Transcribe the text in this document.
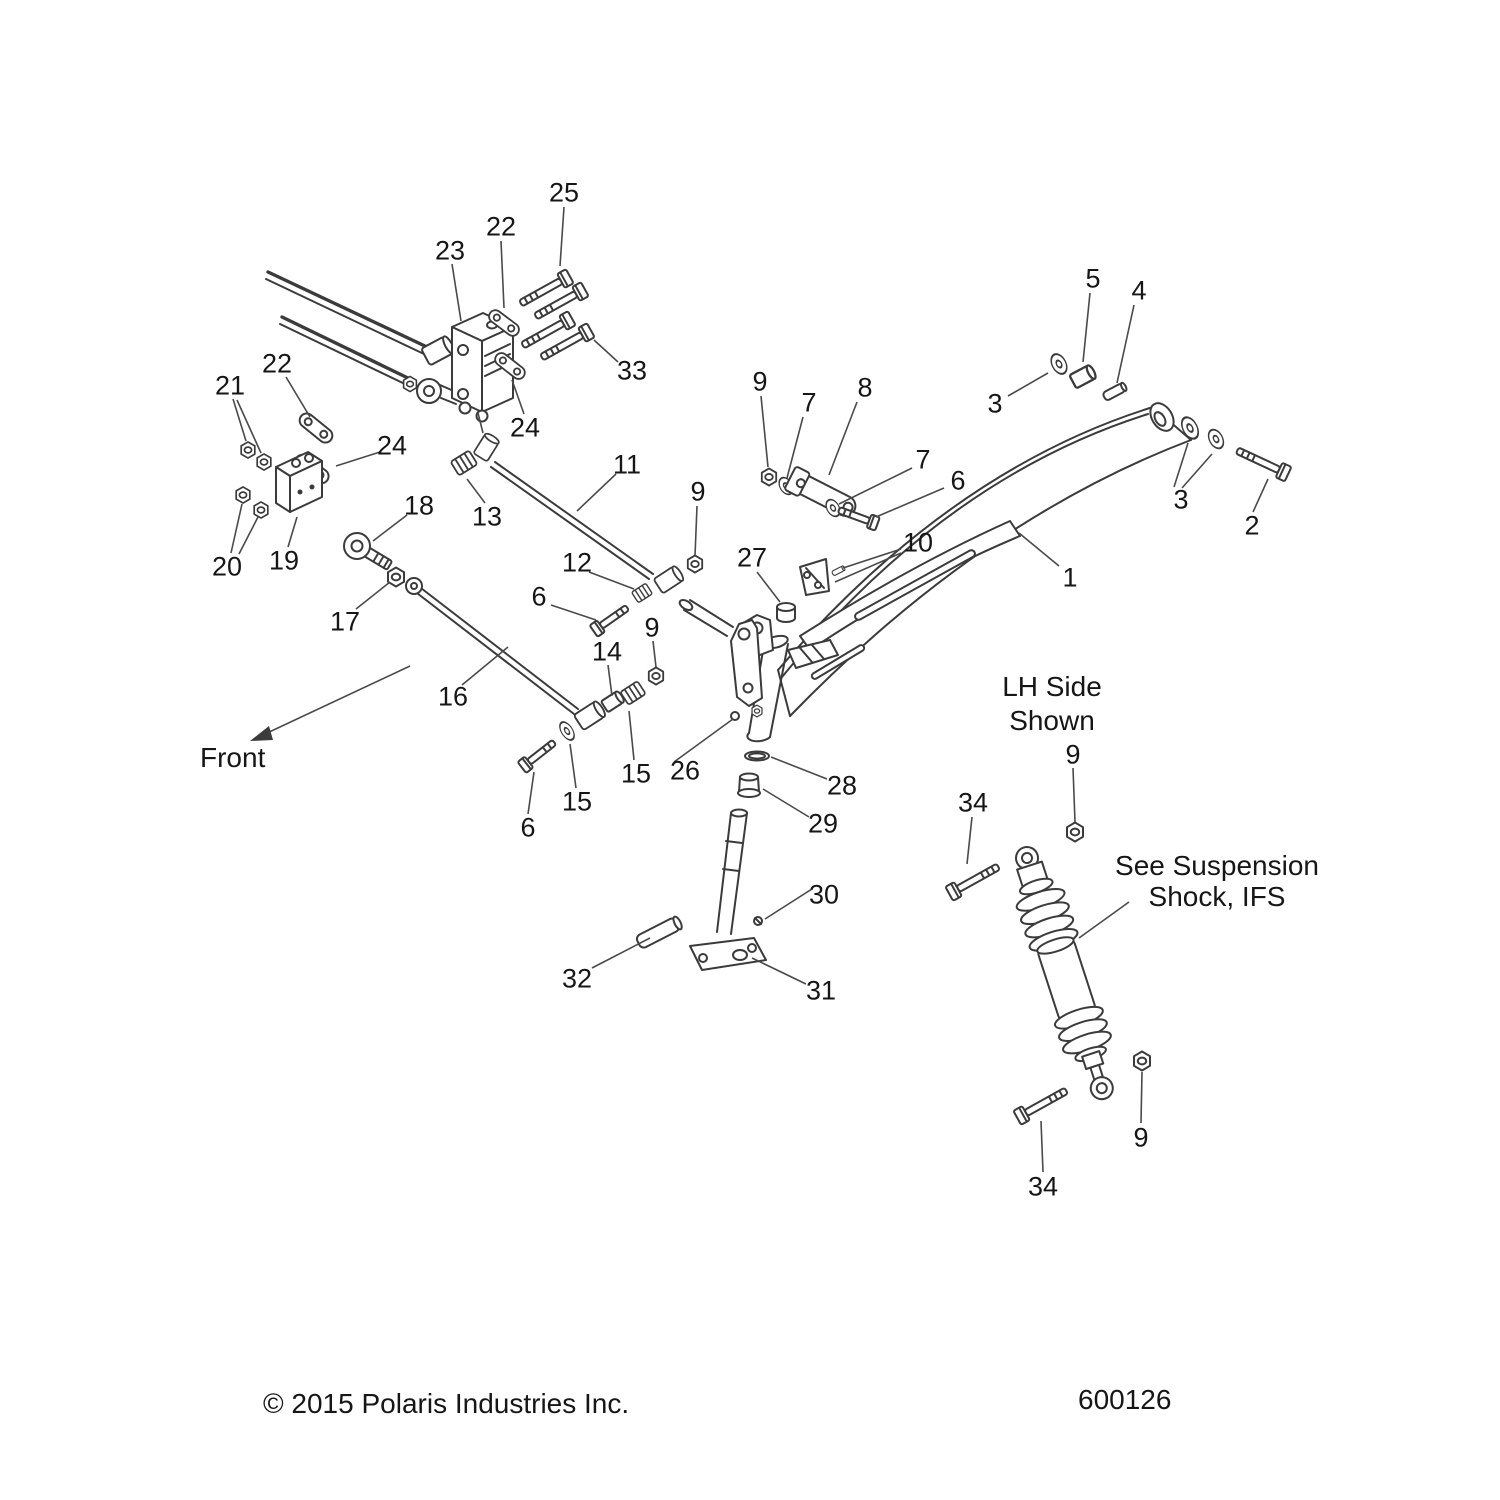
25
22
23
33
22
21
24
24
20 19
18
17
13
11
12
6
16
14
9
15
15 26
6
9
27
9
7 8
7
6
10
5 4
3
3
2
1
28
29
30
31
32
34
9
9
34
Front
LH Side
Shown
See Suspension
Shock, IFS
© 2015 Polaris Industries Inc.	600126
